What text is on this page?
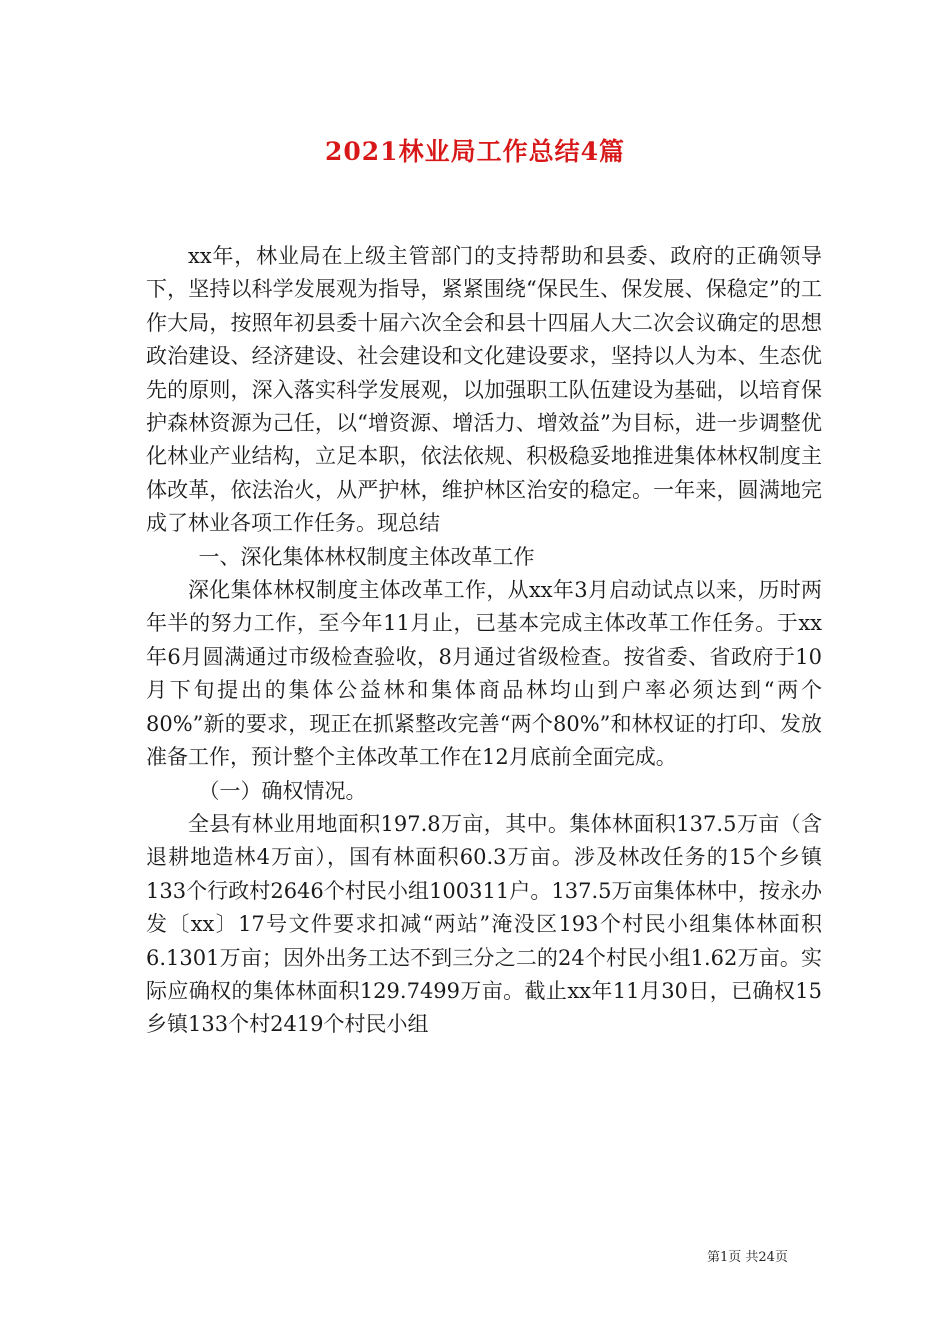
2021林业局工作总结4篇

xx年，林业局在上级主管部门的支持帮助和县委、政府的正确领导下，坚持以科学发展观为指导，紧紧围绕“保民生、保发展、保稳定”的工作大局，按照年初县委十届六次全会和县十四届人大二次会议确定的思想政治建设、经济建设、社会建设和文化建设要求，坚持以人为本、生态优先的原则，深入落实科学发展观，以加强职工队伍建设为基础，以培育保护森林资源为己任，以“增资源、增活力、增效益”为目标，进一步调整优化林业产业结构，立足本职，依法依规、积极稳妥地推进集体林权制度主体改革，依法治火，从严护林，维护林区治安的稳定。一年来，圆满地完成了林业各项工作任务。现总结

一、深化集体林权制度主体改革工作

深化集体林权制度主体改革工作，从xx年3月启动试点以来，历时两年半的努力工作，至今年11月止，已基本完成主体改革工作任务。于xx年6月圆满通过市级检查验收，8月通过省级检查。按省委、省政府于10月下旬提出的集体公益林和集体商品林均山到户率必须达到“两个80%”新的要求，现正在抓紧整改完善“两个80%”和林权证的打印、发放准备工作，预计整个主体改革工作在12月底前全面完成。

（一）确权情况。

全县有林业用地面积197.8万亩，其中。集体林面积137.5万亩（含退耕地造林4万亩），国有林面积60.3万亩。涉及林改任务的15个乡镇133个行政村2646个村民小组100311户。137.5万亩集体林中，按永办发〔xx〕17号文件要求扣减“两站”淹没区193个村民小组集体林面积6.1301万亩；因外出务工达不到三分之二的24个村民小组1.62万亩。实际应确权的集体林面积129.7499万亩。截止xx年11月30日，已确权15乡镇133个村2419个村民小组

第1页 共24页
